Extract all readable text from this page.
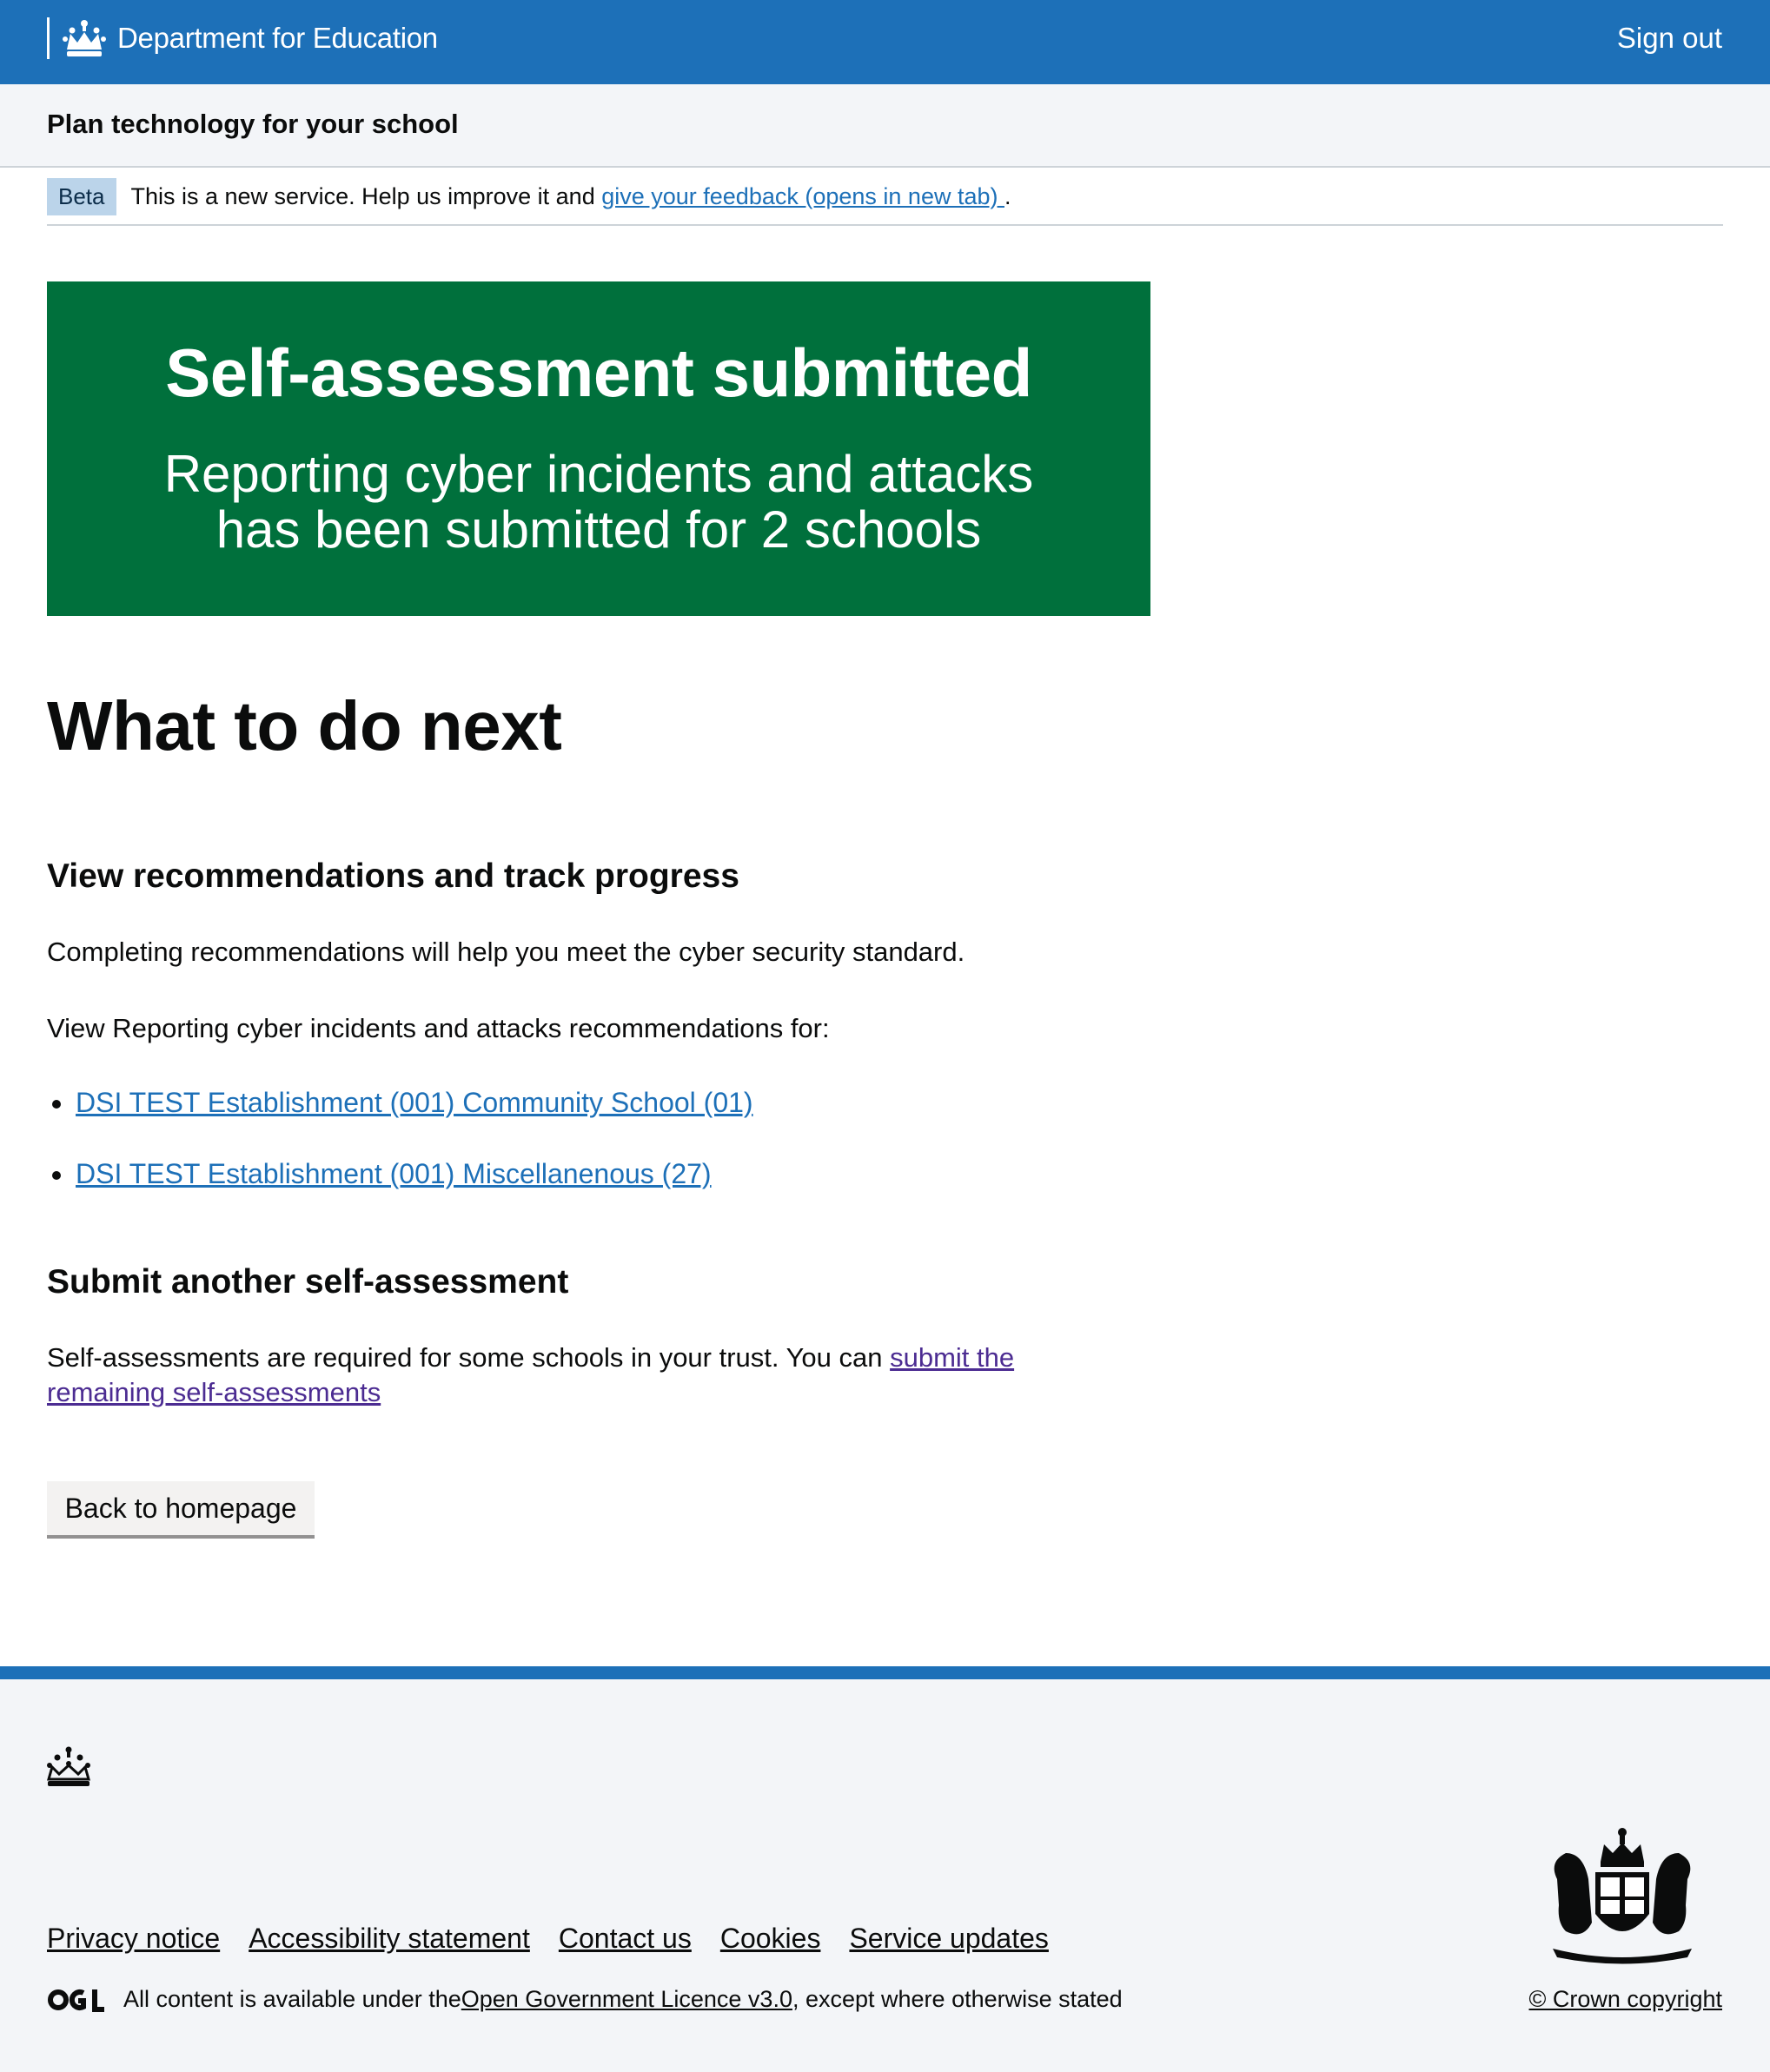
Department for Education	Sign out
Plan technology for your school
Beta	This is a new service. Help us improve it and give your feedback (opens in new tab) .
Self-assessment submitted
Reporting cyber incidents and attacks has been submitted for 2 schools
What to do next
View recommendations and track progress

Completing recommendations will help you meet the cyber security standard.

View Reporting cyber incidents and attacks recommendations for:

DSI TEST Establishment (001) Community School (01)
DSI TEST Establishment (001) Miscellanenous (27)
Submit another self-assessment

Self-assessments are required for some schools in your trust. You can submit the
remaining self-assessments

Back to homepage
Privacy notice Accessibility statement Contact us Cookies Service updates
All content is available under the Open Government Licence v3.0 , except where otherwise stated	© Crown copyright
